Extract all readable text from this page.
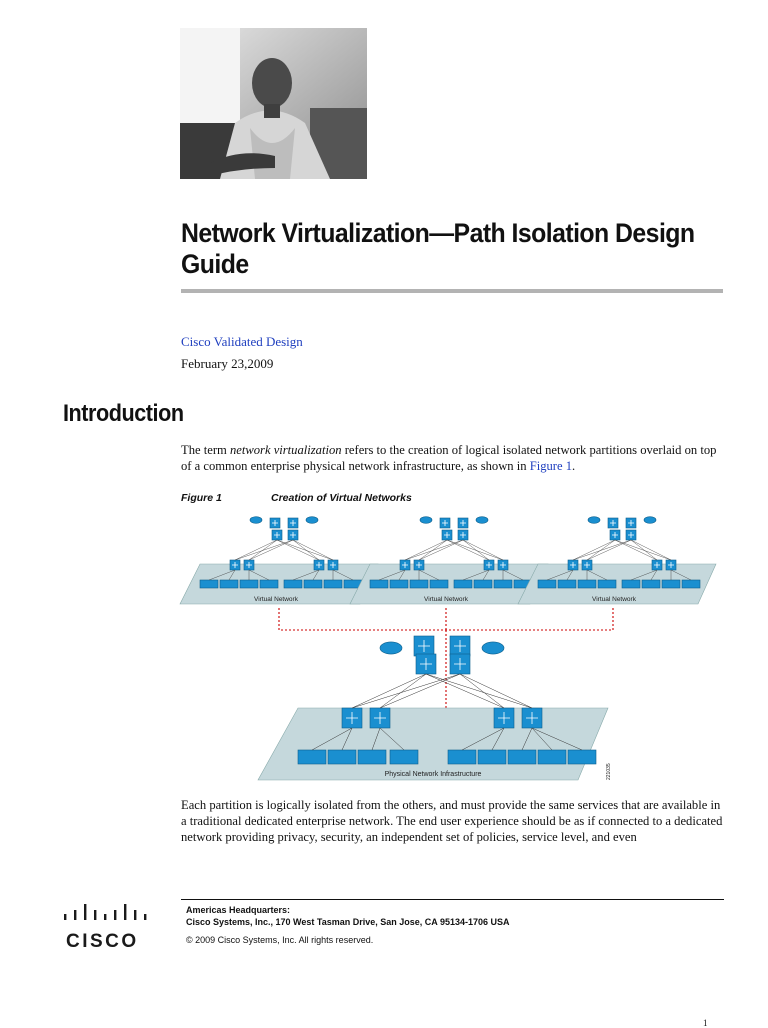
Network Virtualization—Path Isolation Design Guide
Cisco Validated Design
February 23,2009
Introduction
The term network virtualization refers to the creation of logical isolated network partitions overlaid on top of a common enterprise physical network infrastructure, as shown in Figure 1.
Figure 1	Creation of Virtual Networks
Virtual Network	Virtual Network	Virtual Network
Physical Network Infrastructure	221035
Each partition is logically isolated from the others, and must provide the same services that are available in a traditional dedicated enterprise network. The end user experience should be as if connected to a dedicated network providing privacy, security, an independent set of policies, service level, and even
Americas Headquarters:
Cisco Systems, Inc., 170 West Tasman Drive, San Jose, CA 95134-1706 USA
© 2009 Cisco Systems, Inc. All rights reserved.
CISCO
1
